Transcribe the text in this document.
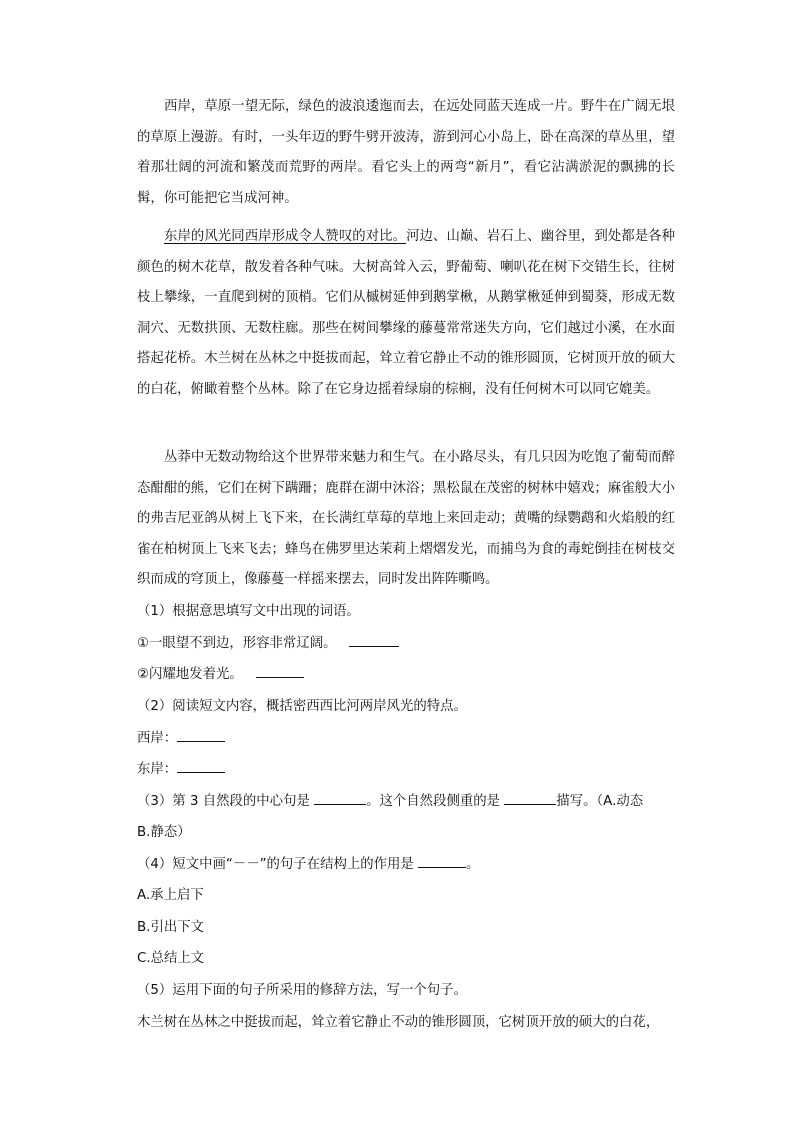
西岸，草原一望无际，绿色的波浪逶迤而去，在远处同蓝天连成一片。野牛在广阔无垠的草原上漫游。有时，一头年迈的野牛劈开波涛，游到河心小岛上，卧在高深的草丛里，望着那壮阔的河流和繁茂而荒野的两岸。看它头上的两弯“新月”，看它沾满淤泥的飘拂的长髯，你可能把它当成河神。

东岸的风光同西岸形成令人赞叹的对比。河边、山巅、岩石上、幽谷里，到处都是各种颜色的树木花草，散发着各种气味。大树高耸入云，野葡萄、喇叭花在树下交错生长，往树枝上攀缘，一直爬到树的顶梢。它们从槭树延伸到鹅掌楸，从鹅掌楸延伸到蜀葵，形成无数洞穴、无数拱顶、无数柱廊。那些在树间攀缘的藤蔓常常迷失方向，它们越过小溪，在水面搭起花桥。木兰树在丛林之中挺拔而起，耸立着它静止不动的锥形圆顶，它树顶开放的硕大的白花，俯瞰着整个丛林。除了在它身边摇着绿扇的棕榈，没有任何树木可以同它媲美。

丛莽中无数动物给这个世界带来魅力和生气。在小路尽头，有几只因为吃饱了葡萄而醉态酣酣的熊，它们在树下蹒跚；鹿群在湖中沐浴；黑松鼠在茂密的树林中嬉戏；麻雀般大小的弗吉尼亚鸽从树上飞下来，在长满红草莓的草地上来回走动；黄嘴的绿鹦鹉和火焰般的红雀在柏树顶上飞来飞去；蜂鸟在佛罗里达茉莉上熠熠发光，而捕鸟为食的毒蛇倒挂在树枝交织而成的穹顶上，像藤蔓一样摇来摆去，同时发出阵阵嘶鸣。

（1）根据意思填写文中出现的词语。
①一眼望不到边，形容非常辽阔。
②闪耀地发着光。
（2）阅读短文内容，概括密西西比河两岸风光的特点。
西岸：
东岸：
（3）第 3 自然段的中心句是	。这个自然段侧重的是	描写。（A.动态
B.静态）
（4）短文中画“－－”的句子在结构上的作用是	。
A.承上启下
B.引出下文
C.总结上文
（5）运用下面的句子所采用的修辞方法，写一个句子。
木兰树在丛林之中挺拔而起，耸立着它静止不动的锥形圆顶，它树顶开放的硕大的白花，
